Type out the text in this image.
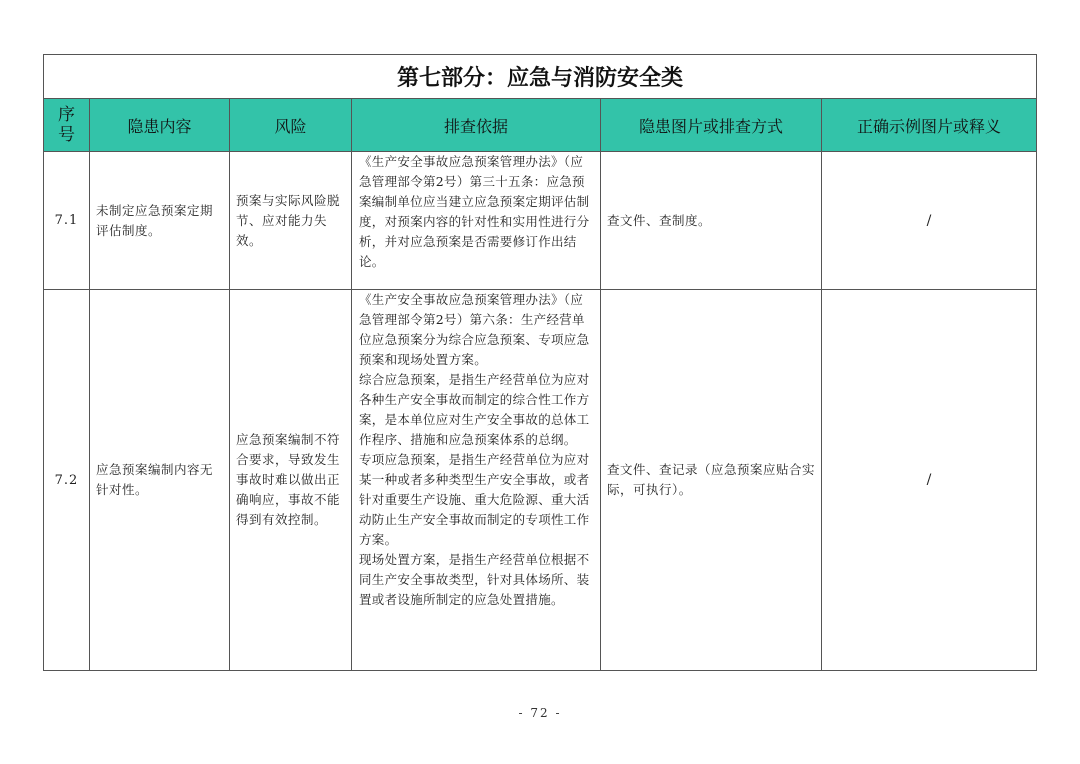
第七部分：应急与消防安全类					
序号	隐患内容	风险	排查依据	隐患图片或排查方式	正确示例图片或释义
7.1	未制定应急预案定期评估制度。	预案与实际风险脱节、应对能力失效。	《生产安全事故应急预案管理办法》（应急管理部令第2号）第三十五条：应急预案编制单位应当建立应急预案定期评估制度，对预案内容的针对性和实用性进行分析，并对应急预案是否需要修订作出结论。	查文件、查制度。	/
7.2	应急预案编制内容无针对性。	应急预案编制不符合要求，导致发生事故时难以做出正确响应，事故不能得到有效控制。	《生产安全事故应急预案管理办法》（应急管理部令第2号）第六条：生产经营单位应急预案分为综合应急预案、专项应急预案和现场处置方案。

综合应急预案，是指生产经营单位为应对各种生产安全事故而制定的综合性工作方案，是本单位应对生产安全事故的总体工作程序、措施和应急预案体系的总纲。

专项应急预案，是指生产经营单位为应对某一种或者多种类型生产安全事故，或者针对重要生产设施、重大危险源、重大活动防止生产安全事故而制定的专项性工作方案。

现场处置方案，是指生产经营单位根据不同生产安全事故类型，针对具体场所、装置或者设施所制定的应急处置措施。	查文件、查记录（应急预案应贴合实际，可执行）。	/
- 72 -
